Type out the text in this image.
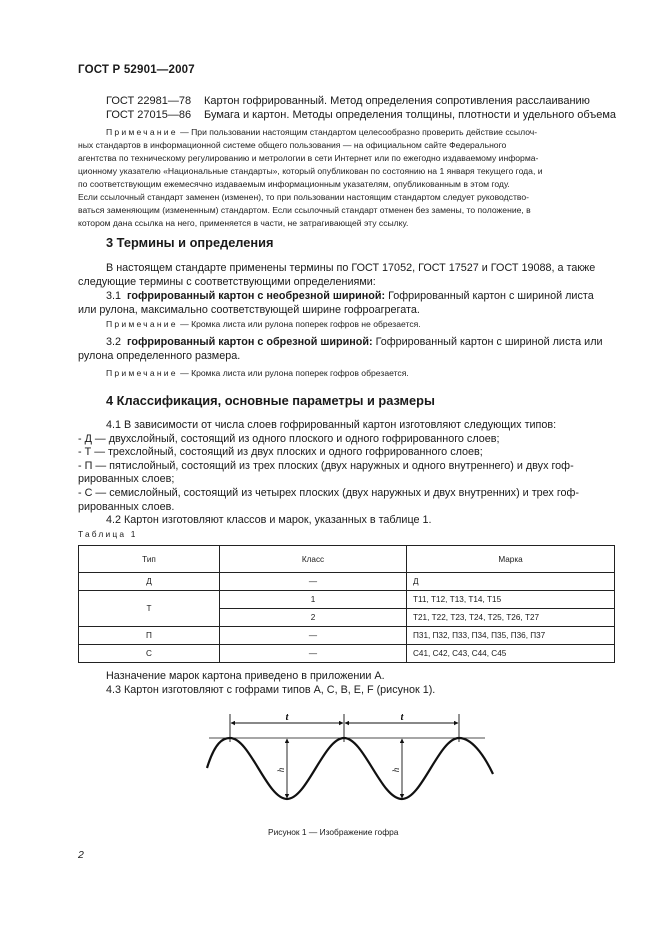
ГОСТ Р 52901—2007
ГОСТ 22981—78 Картон гофрированный. Метод определения сопротивления расслаиванию
ГОСТ 27015—86 Бумага и картон. Методы определения толщины, плотности и удельного объема
Примечание — При пользовании настоящим стандартом целесообразно проверить действие ссылоч-
ных стандартов в информационной системе общего пользования — на официальном сайте Федерального
агентства по техническому регулированию и метрологии в сети Интернет или по ежегодно издаваемому информа-
ционному указателю «Национальные стандарты», который опубликован по состоянию на 1 января текущего года, и
по соответствующим ежемесячно издаваемым информационным указателям, опубликованным в этом году.
Если ссылочный стандарт заменен (изменен), то при пользовании настоящим стандартом следует руководство-
ваться заменяющим (измененным) стандартом. Если ссылочный стандарт отменен без замены, то положение, в
котором дана ссылка на него, применяется в части, не затрагивающей эту ссылку.
3 Термины и определения
В настоящем стандарте применены термины по ГОСТ 17052, ГОСТ 17527 и ГОСТ 19088, а также
следующие термины с соответствующими определениями:
3.1 гофрированный картон с необрезной шириной: Гофрированный картон с шириной листа
или рулона, максимально соответствующей ширине гофроагрегата.
Примечание — Кромка листа или рулона поперек гофров не обрезается.
3.2 гофрированный картон с обрезной шириной: Гофрированный картон с шириной листа или
рулона определенного размера.
Примечание — Кромка листа или рулона поперек гофров обрезается.
4 Классификация, основные параметры и размеры
4.1 В зависимости от числа слоев гофрированный картон изготовляют следующих типов:
- Д — двухслойный, состоящий из одного плоского и одного гофрированного слоев;
- Т — трехслойный, состоящий из двух плоских и одного гофрированного слоев;
- П — пятислойный, состоящий из трех плоских (двух наружных и одного внутреннего) и двух гоф-
рированных слоев;
- С — семислойный, состоящий из четырех плоских (двух наружных и двух внутренних) и трех гоф-
рированных слоев.
4.2 Картон изготовляют классов и марок, указанных в таблице 1.
Таблица 1
Тип	Класс	Марка
Д	—	Д
Т	1	Т11, Т12, Т13, Т14, Т15
	2	Т21, Т22, Т23, Т24, Т25, Т26, Т27
П	—	П31, П32, П33, П34, П35, П36, П37
С	—	С41, С42, С43, С44, С45
Назначение марок картона приведено в приложении А.
4.3 Картон изготовляют с гофрами типов A, C, B, E, F (рисунок 1).
t	t
h	h
Рисунок 1 — Изображение гофра
2
